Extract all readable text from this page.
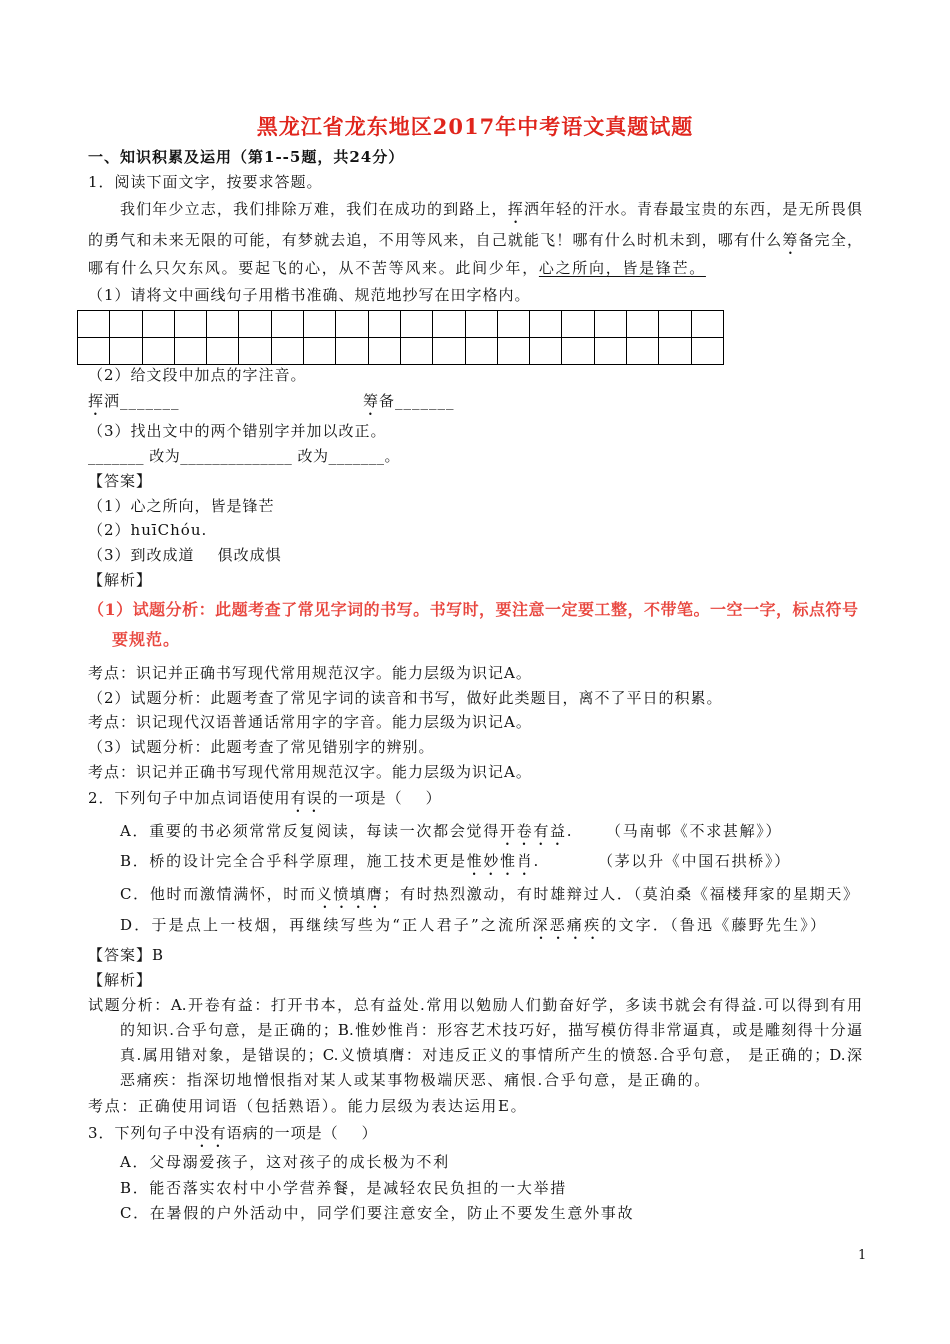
黑龙江省龙东地区2017年中考语文真题试题
一、知识积累及运用（第1--5题，共24分）
1．阅读下面文字，按要求答题。
我们年少立志，我们排除万难，我们在成功的到路上，挥洒年轻的汗水。青春最宝贵的东西，是无所畏俱
的勇气和未来无限的可能，有梦就去追，不用等风来，自己就能飞！哪有什么时机未到，哪有什么筹备完全，
哪有什么只欠东风。要起飞的心，从不苦等风来。此间少年，心之所向，皆是锋芒。
（1）请将文中画线句子用楷书准确、规范地抄写在田字格内。
（2）给文段中加点的字注音。
挥洒_______	筹备_______
（3）找出文中的两个错别字并加以改正。
_______ 改为______________ 改为_______。
【答案】
（1）心之所向，皆是锋芒
（2）huīChóu.
（3）到改成道    俱改成惧
【解析】
（1）试题分析：此题考查了常见字词的书写。书写时，要注意一定要工整，不带笔。一空一字，标点符号
要规范。
考点：识记并正确书写现代常用规范汉字。能力层级为识记A。
（2）试题分析：此题考查了常见字词的读音和书写，做好此类题目，离不了平日的积累。
考点：识记现代汉语普通话常用字的字音。能力层级为识记A。
（3）试题分析：此题考查了常见错别字的辨别。
考点：识记并正确书写现代常用规范汉字。能力层级为识记A。
2．下列句子中加点词语使用有误的一项是（    ）
A．重要的书必须常常反复阅读，每读一次都会觉得开卷有益. （马南邨《不求甚解》）
B．桥的设计完全合乎科学原理，施工技术更是惟妙惟肖.	（茅以升《中国石拱桥》）
C．他时而激情满怀，时而义愤填膺；有时热烈激动，有时雄辩过人．（莫泊桑《福楼拜家的星期天》
D．于是点上一枝烟，再继续写些为“正人君子”之流所深恶痛疾的文字．（鲁迅《藤野先生》）
【答案】B
【解析】
试题分析：A.开卷有益：打开书本，总有益处.常用以勉励人们勤奋好学，多读书就会有得益.可以得到有用
的知识.合乎句意，是正确的；B.惟妙惟肖：形容艺术技巧好，描写模仿得非常逼真，或是雕刻得十分逼
真.属用错对象，是错误的；C.义愤填膺：对违反正义的事情所产生的愤怒.合乎句意， 是正确的；D.深
恶痛疾：指深切地憎恨指对某人或某事物极端厌恶、痛恨.合乎句意，是正确的。
考点：正确使用词语（包括熟语）。能力层级为表达运用E。
3．下列句子中没有语病的一项是（    ）
A．父母溺爱孩子，这对孩子的成长极为不利
B．能否落实农村中小学营养餐，是减轻农民负担的一大举措
C．在暑假的户外活动中，同学们要注意安全，防止不要发生意外事故
1
